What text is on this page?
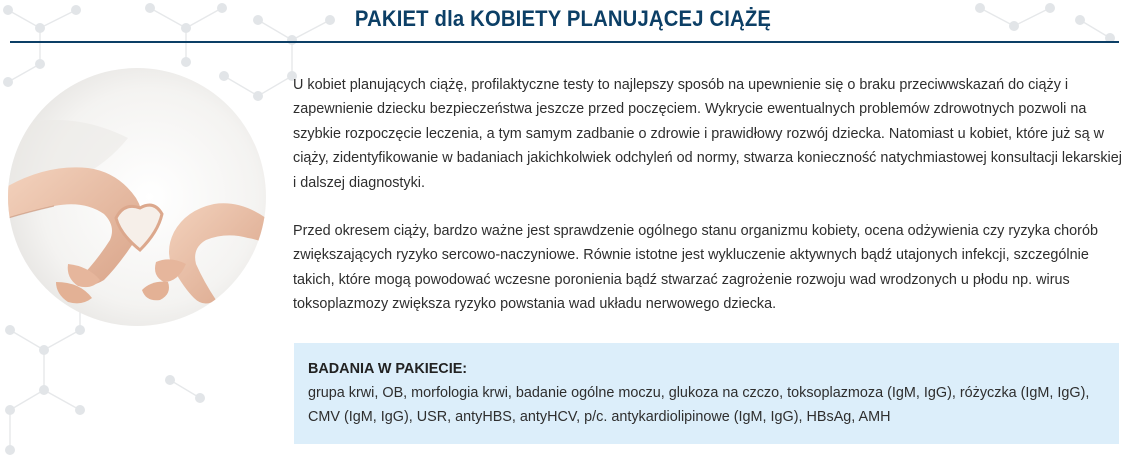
PAKIET dla KOBIETY PLANUJĄCEJ CIĄŻĘ

U kobiet planujących ciążę, profilaktyczne testy to najlepszy sposób na upewnienie się o braku przeciwwskazań do ciąży i zapewnienie dziecku bezpieczeństwa jeszcze przed poczęciem. Wykrycie ewentualnych problemów zdrowotnych pozwoli na szybkie rozpoczęcie leczenia, a tym samym zadbanie o zdrowie i prawidłowy rozwój dziecka. Natomiast u kobiet, które już są w ciąży, zidentyfikowanie w badaniach jakichkolwiek odchyleń od normy, stwarza konieczność natychmiastowej konsultacji lekarskiej i dalszej diagnostyki.

Przed okresem ciąży, bardzo ważne jest sprawdzenie ogólnego stanu organizmu kobiety, ocena odżywienia czy ryzyka chorób zwiększających ryzyko sercowo-naczyniowe. Równie istotne jest wykluczenie aktywnych bądź utajonych infekcji, szczególnie takich, które mogą powodować wczesne poronienia bądź stwarzać zagrożenie rozwoju wad wrodzonych u płodu np. wirus toksoplazmozy zwiększa ryzyko powstania wad układu nerwowego dziecka.

BADANIA W PAKIECIE:
grupa krwi, OB, morfologia krwi, badanie ogólne moczu, glukoza na czczo, toksoplazmoza (IgM, IgG), różyczka (IgM, IgG), CMV (IgM, IgG), USR, antyHBS, antyHCV, p/c. antykardiolipinowe (IgM, IgG), HBsAg, AMH
